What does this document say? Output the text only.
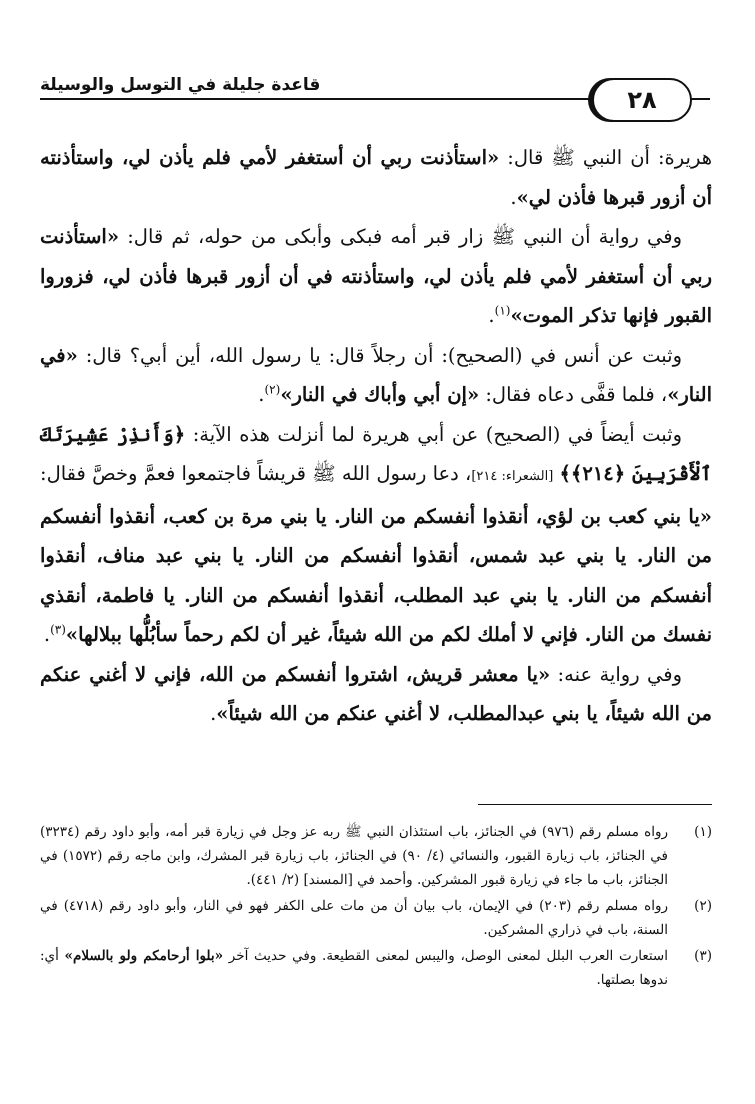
قاعدة جليلة في التوسل والوسيلة
٢٨

هريرة: أن النبي ﷺ قال: «استأذنت ربي أن أستغفر لأمي فلم يأذن لي، واستأذنته أن أزور قبرها فأذن لي».

وفي رواية أن النبي ﷺ زار قبر أمه فبكى وأبكى من حوله، ثم قال: «استأذنت ربي أن أستغفر لأمي فلم يأذن لي، واستأذنته في أن أزور قبرها فأذن لي، فزوروا القبور فإنها تذكر الموت»$^{(١)}$.

وثبت عن أنس في (الصحيح): أن رجلاً قال: يا رسول الله، أين أبي؟ قال: «في النار»، فلما قفَّى دعاه فقال: «إن أبي وأباك في النار»$^{(٢)}$.

وثبت أيضاً في (الصحيح) عن أبي هريرة لما أنزلت هذه الآية: ﴿وَأَنذِرْ عَشِيرَتَكَ ٱلْأَقْرَبِينَ ﴿٢١٤﴾﴾ [الشعراء: ٢١٤]، دعا رسول الله ﷺ قريشاً فاجتمعوا فعمَّ وخصَّ فقال: «يا بني كعب بن لؤي، أنقذوا أنفسكم من النار. يا بني مرة بن كعب، أنقذوا أنفسكم من النار. يا بني عبد شمس، أنقذوا أنفسكم من النار. يا بني عبد مناف، أنقذوا أنفسكم من النار. يا بني عبد المطلب، أنقذوا أنفسكم من النار. يا فاطمة، أنقذي نفسك من النار. فإني لا أملك لكم من الله شيئاً، غير أن لكم رحماً سأبُلُّها ببلالها»$^{(٣)}$.

وفي رواية عنه: «يا معشر قريش، اشتروا أنفسكم من الله، فإني لا أغني عنكم من الله شيئاً، يا بني عبدالمطلب، لا أغني عنكم من الله شيئاً».

(١)
رواه مسلم رقم (٩٧٦) في الجنائز، باب استئذان النبي ﷺ ربه عز وجل في زيارة قبر أمه، وأبو داود رقم (٣٢٣٤) في الجنائز، باب زيارة القبور، والنسائي (٤/ ٩٠) في الجنائز، باب زيارة قبر المشرك، وابن ماجه رقم (١٥٧٢) في الجنائز، باب ما جاء في زيارة قبور المشركين. وأحمد في [المسند] (٢/ ٤٤١).
(٢)
رواه مسلم رقم (٢٠٣) في الإيمان، باب بيان أن من مات على الكفر فهو في النار، وأبو داود رقم (٤٧١٨) في السنة، باب في ذراري المشركين.
(٣)
استعارت العرب البلل لمعنى الوصل، واليبس لمعنى القطيعة. وفي حديث آخر «بلوا أرحامكم ولو بالسلام» أي: ندوها بصلتها.
